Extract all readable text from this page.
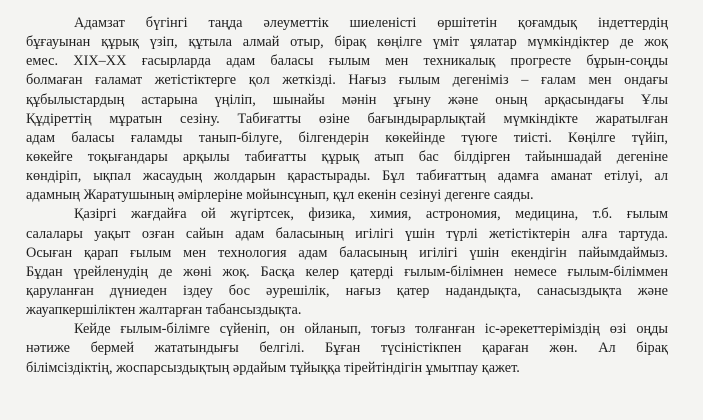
Адамзат бүгінгі таңда әлеуметтік шиеленісті өршітетін қоғамдық індеттердің
бұғауынан құрық үзіп, құтыла алмай отыр, бірақ көңілге үміт ұялатар мүмкіндіктер де жоқ
емес. XIX–XX ғасырларда адам баласы ғылым мен техникалық прогресте бұрын-соңды
болмаған ғаламат жетістіктерге қол жеткізді. Нағыз ғылым дегеніміз – ғалам мен ондағы
құбылыстардың астарына үңіліп, шынайы мәнін ұғыну және оның арқасындағы Ұлы
Құдіреттің мұратын сезіну. Табиғатты өзіне бағындырарлықтай мүмкіндікте жаратылған
адам баласы ғаламды танып-білуге, білгендерін көкейінде түюге тиісті. Көңілге түйіп,
көкейге тоқығандары арқылы табиғатты құрық атып бас білдірген тайыншадай дегеніне
көндіріп, ықпал жасаудың жолдарын қарастырады. Бұл табиғаттың адамға аманат етілуі, ал
адамның Жаратушының әмірлеріне мойынсұнып, құл екенін сезінуі дегенге саяды.

Қазіргі жағдайға ой жүгіртсек, физика, химия, астрономия, медицина, т.б. ғылым
салалары уақыт озған сайын адам баласының игілігі үшін түрлі жетістіктерін алға тартуда.
Осыған қарап ғылым мен технология адам баласының игілігі үшін екендігін пайымдаймыз.
Бұдан үрейленудің де жөні жоқ. Басқа келер қатерді ғылым-білімнен немесе ғылым-біліммен
қаруланған дүниеден іздеу бос әурешілік, нағыз қатер надандықта, санасыздықта және
жауапкершіліктен жалтарған табансыздықта.

Кейде ғылым-білімге сүйеніп, он ойланып, тоғыз толғанған іс-әрекеттеріміздің өзі оңды
нәтиже бермей жататындығы белгілі. Бұған түсіністікпен қараған жөн. Ал бірақ
білімсіздіктің, жоспарсыздықтың әрдайым тұйыққа тірейтіндігін ұмытпау қажет.
